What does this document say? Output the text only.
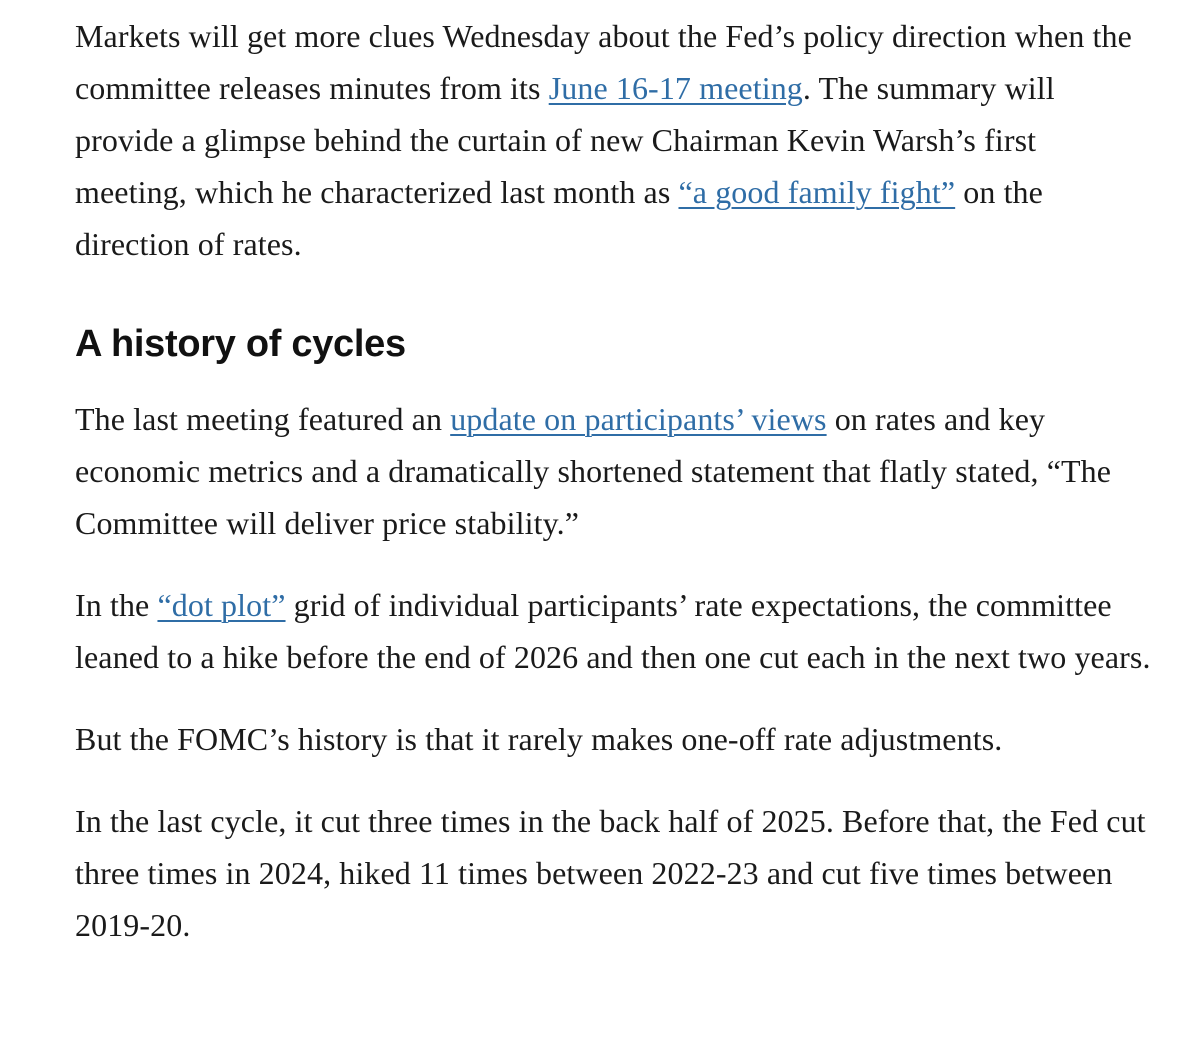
Markets will get more clues Wednesday about the Fed’s policy direction when the committee releases minutes from its June 16-17 meeting. The summary will provide a glimpse behind the curtain of new Chairman Kevin Warsh’s first meeting, which he characterized last month as “a good family fight” on the direction of rates.

A history of cycles

The last meeting featured an update on participants’ views on rates and key economic metrics and a dramatically shortened statement that flatly stated, “The Committee will deliver price stability.”

In the “dot plot” grid of individual participants’ rate expectations, the committee leaned to a hike before the end of 2026 and then one cut each in the next two years.

But the FOMC’s history is that it rarely makes one-off rate adjustments.

In the last cycle, it cut three times in the back half of 2025. Before that, the Fed cut three times in 2024, hiked 11 times between 2022-23 and cut five times between 2019-20.
